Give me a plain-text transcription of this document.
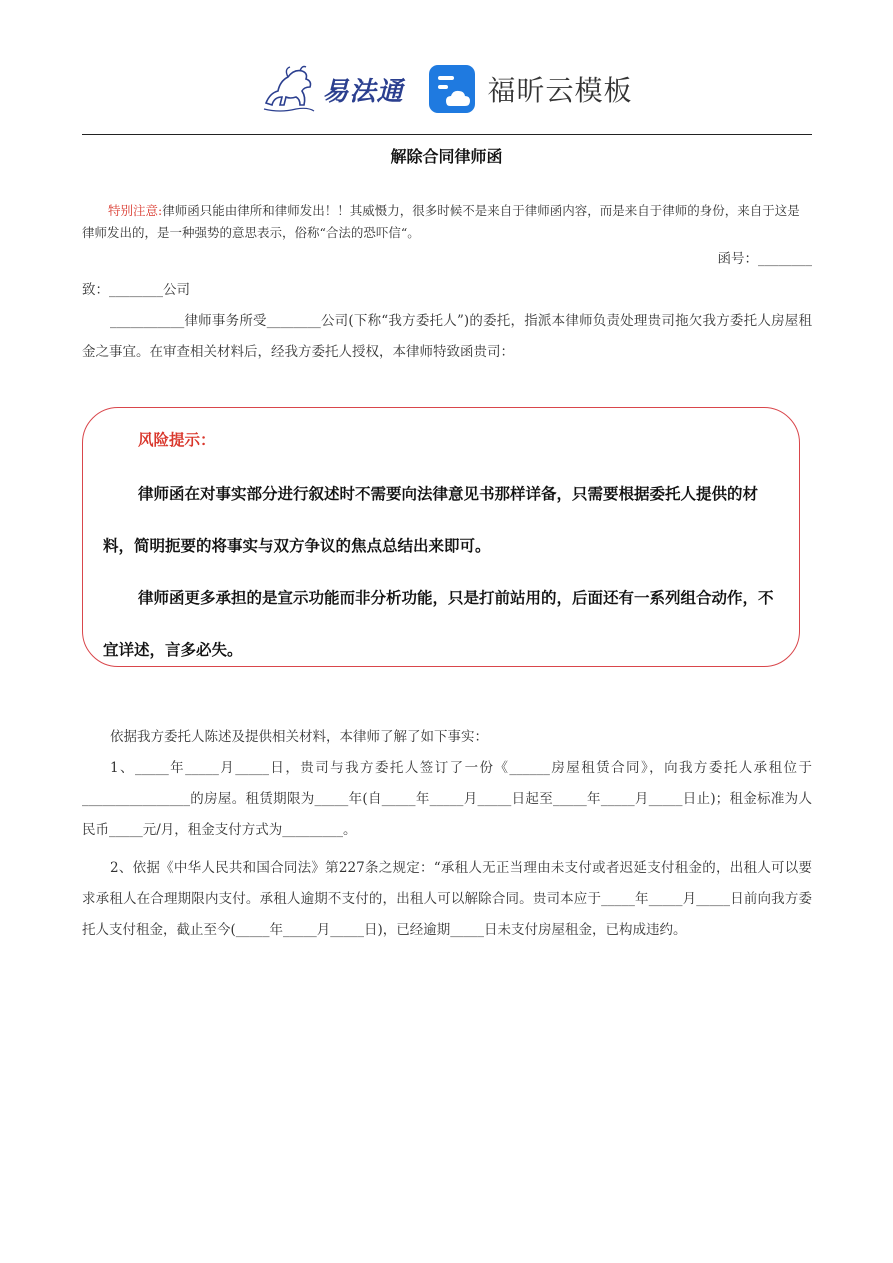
易法通	福昕云模板
解除合同律师函
特别注意:律师函只能由律所和律师发出！！其威慑力，很多时候不是来自于律师函内容，而是来自于律师的身份，来自于这是律师发出的，是一种强势的意思表示，俗称“合法的恐吓信“。
函号：________
致：________公司
___________律师事务所受________公司(下称“我方委托人”)的委托，指派本律师负责处理贵司拖欠我方委托人房屋租金之事宜。在审查相关材料后，经我方委托人授权，本律师特致函贵司：
风险提示：
律师函在对事实部分进行叙述时不需要向法律意见书那样详备，只需要根据委托人提供的材料，简明扼要的将事实与双方争议的焦点总结出来即可。
律师函更多承担的是宣示功能而非分析功能，只是打前站用的，后面还有一系列组合动作，不宜详述，言多必失。
依据我方委托人陈述及提供相关材料，本律师了解了如下事实：
1、_____年_____月_____日，贵司与我方委托人签订了一份《______房屋租赁合同》，向我方委托人承租位于________________的房屋。租赁期限为_____年(自_____年_____月_____日起至_____年_____月_____日止)；租金标准为人民币_____元/月，租金支付方式为_________。
2、依据《中华人民共和国合同法》第227条之规定：“承租人无正当理由未支付或者迟延支付租金的，出租人可以要求承租人在合理期限内支付。承租人逾期不支付的，出租人可以解除合同。贵司本应于_____年_____月_____日前向我方委托人支付租金，截止至今(_____年_____月_____日)，已经逾期_____日未支付房屋租金，已构成违约。
